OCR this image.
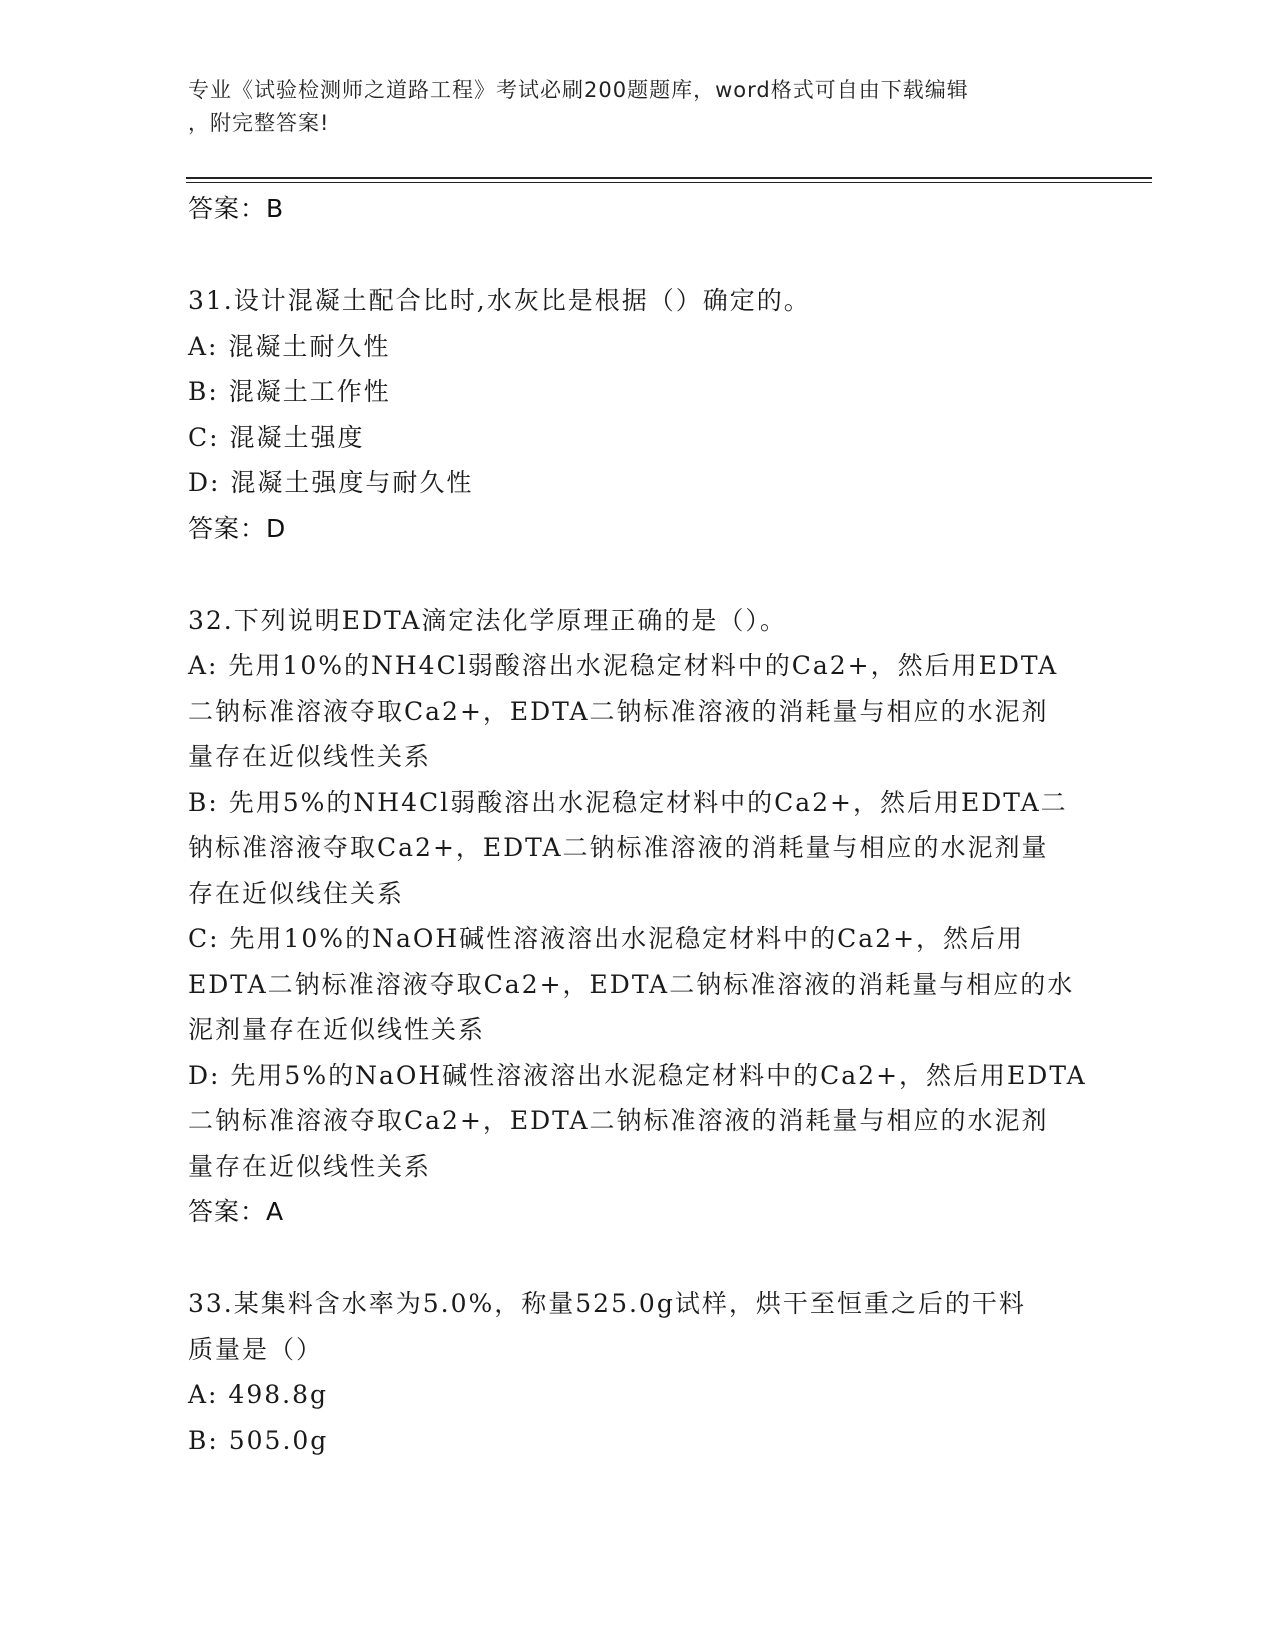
专业《试验检测师之道路工程》考试必刷200题题库，word格式可自由下载编辑
，附完整答案!
答案：B
31.设计混凝土配合比时,水灰比是根据（）确定的。
A: 混凝土耐久性
B: 混凝土工作性
C: 混凝土强度
D: 混凝土强度与耐久性
答案：D
32.下列说明EDTA滴定法化学原理正确的是（）。
A: 先用10%的NH4Cl弱酸溶出水泥稳定材料中的Ca2+，然后用EDTA
二钠标准溶液夺取Ca2+，EDTA二钠标准溶液的消耗量与相应的水泥剂
量存在近似线性关系
B: 先用5%的NH4Cl弱酸溶出水泥稳定材料中的Ca2+，然后用EDTA二
钠标准溶液夺取Ca2+，EDTA二钠标准溶液的消耗量与相应的水泥剂量
存在近似线住关系
C: 先用10%的NaOH碱性溶液溶出水泥稳定材料中的Ca2+，然后用
EDTA二钠标准溶液夺取Ca2+，EDTA二钠标准溶液的消耗量与相应的水
泥剂量存在近似线性关系
D: 先用5%的NaOH碱性溶液溶出水泥稳定材料中的Ca2+，然后用EDTA
二钠标准溶液夺取Ca2+，EDTA二钠标准溶液的消耗量与相应的水泥剂
量存在近似线性关系
答案：A
33.某集料含水率为5.0%，称量525.0g试样，烘干至恒重之后的干料
质量是（）
A: 498.8g
B: 505.0g
